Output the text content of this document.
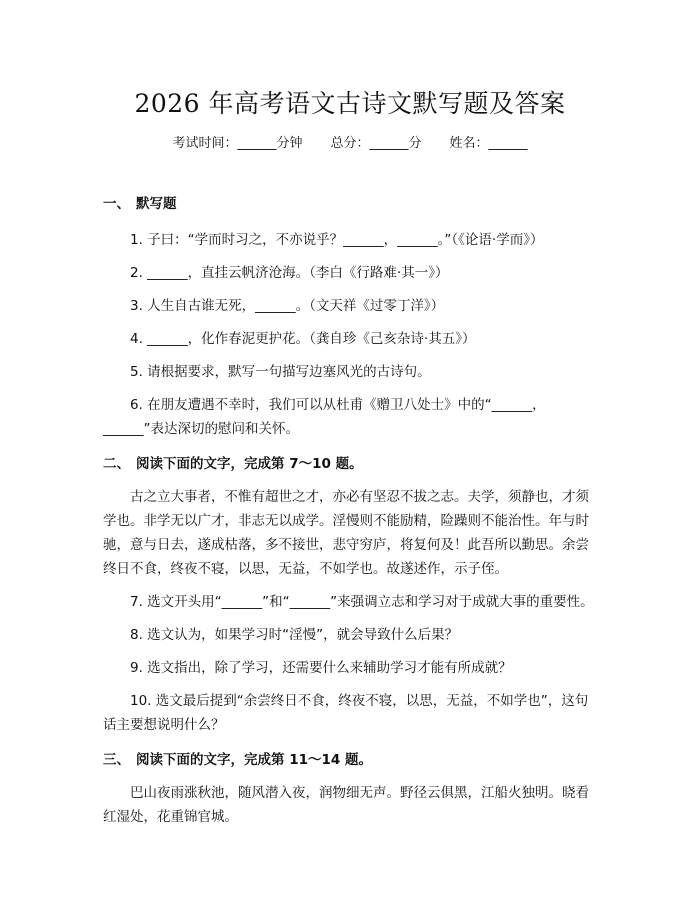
2026 年高考语文古诗文默写题及答案
考试时间：______分钟 总分：______分 姓名：______

一、 默写题

1. 子曰：“学而时习之，不亦说乎？______，______。”（《论语·学而》）

2. ______，直挂云帆济沧海。（李白《行路难·其一》）

3. 人生自古谁无死，______。（文天祥《过零丁洋》）

4. ______，化作春泥更护花。（龚自珍《己亥杂诗·其五》）

5. 请根据要求，默写一句描写边塞风光的古诗句。

6. 在朋友遭遇不幸时，我们可以从杜甫《赠卫八处士》中的“______，______”表达深切的慰问和关怀。

二、 阅读下面的文字，完成第 7～10 题。

古之立大事者，不惟有超世之才，亦必有坚忍不拔之志。夫学，须静也，才须学也。非学无以广才，非志无以成学。淫慢则不能励精，险躁则不能治性。年与时驰，意与日去，遂成枯落，多不接世，悲守穷庐，将复何及！此吾所以勤思。余尝终日不食，终夜不寝，以思，无益，不如学也。故遂述作，示子侄。

7. 选文开头用“______”和“______”来强调立志和学习对于成就大事的重要性。

8. 选文认为，如果学习时“淫慢”，就会导致什么后果？

9. 选文指出，除了学习，还需要什么来辅助学习才能有所成就？

10. 选文最后提到“余尝终日不食，终夜不寝，以思，无益，不如学也”，这句话主要想说明什么？

三、 阅读下面的文字，完成第 11～14 题。

巴山夜雨涨秋池，随风潜入夜，润物细无声。野径云俱黑，江船火独明。晓看红湿处，花重锦官城。
